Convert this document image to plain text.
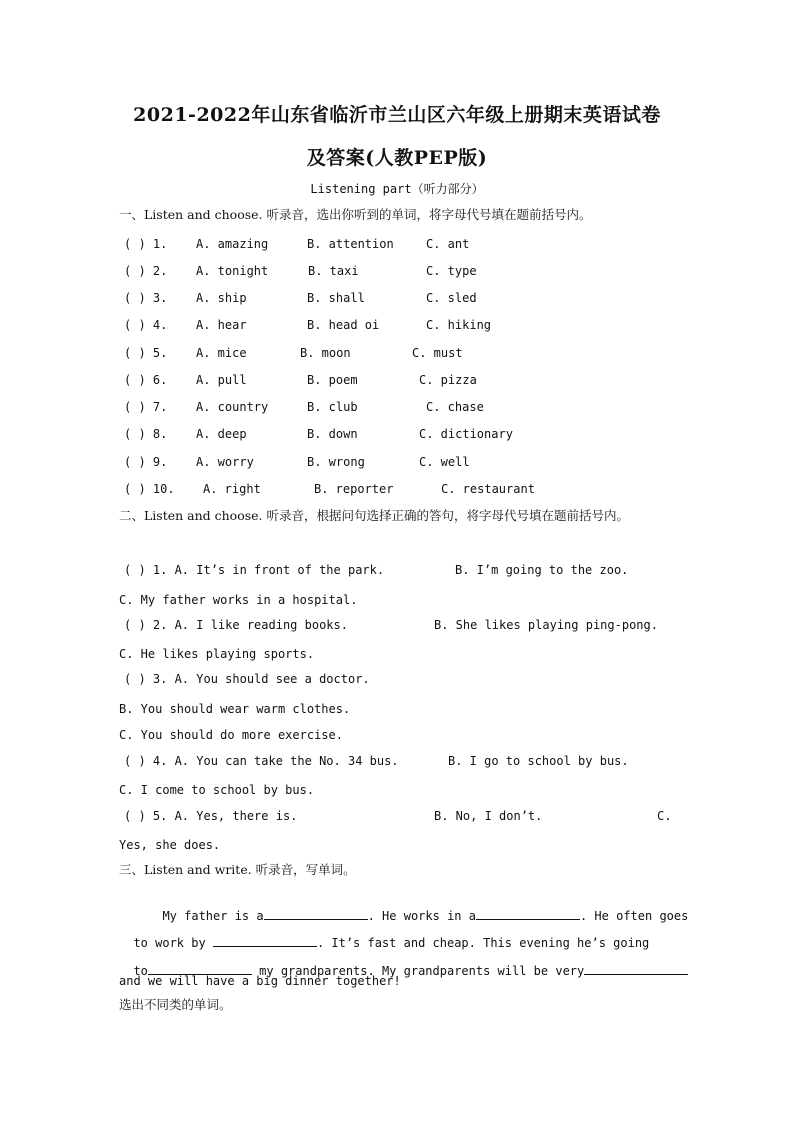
2021-2022年山东省临沂市兰山区六年级上册期末英语试卷
及答案(人教PEP版)
Listening part（听力部分）
一、Listen and choose. 听录音，选出你听到的单词，将字母代号填在题前括号内。
( ) 1. A. amazing	B. attention	C. ant
( ) 2. A. tonight	B. taxi	C. type
( ) 3. A. ship	B. shall	C. sled
( ) 4. A. hear	B. head oi	C. hiking
( ) 5. A. mice	B. moon	C. must
( ) 6. A. pull	B. poem	C. pizza
( ) 7. A. country	B. club	C. chase
( ) 8. A. deep	B. down	C. dictionary
( ) 9. A. worry	B. wrong	C. well
( ) 10. A. right	B. reporter	C. restaurant
二、Listen and choose. 听录音，根据问句选择正确的答句，将字母代号填在题前括号内。
( ) 1. A. It’s in front of the park.	B. I’m going to the zoo.
C. My father works in a hospital.
( ) 2. A. I like reading books.	B. She likes playing ping-pong.
C. He likes playing sports.
( ) 3. A. You should see a doctor.
B. You should wear warm clothes.
C. You should do more exercise.
( ) 4. A. You can take the No. 34 bus.	B. I go to school by bus.
C. I come to school by bus.
( ) 5. A. Yes, there is.	B. No, I don’t.	C.
Yes, she does.
三、Listen and write. 听录音，写单词。

My father is a	. He works in a	. He often goes

to work by	. It’s fast and cheap. This evening he’s going

to	my grandparents. My grandparents will be very

and we will have a big dinner together!
选出不同类的单词。
